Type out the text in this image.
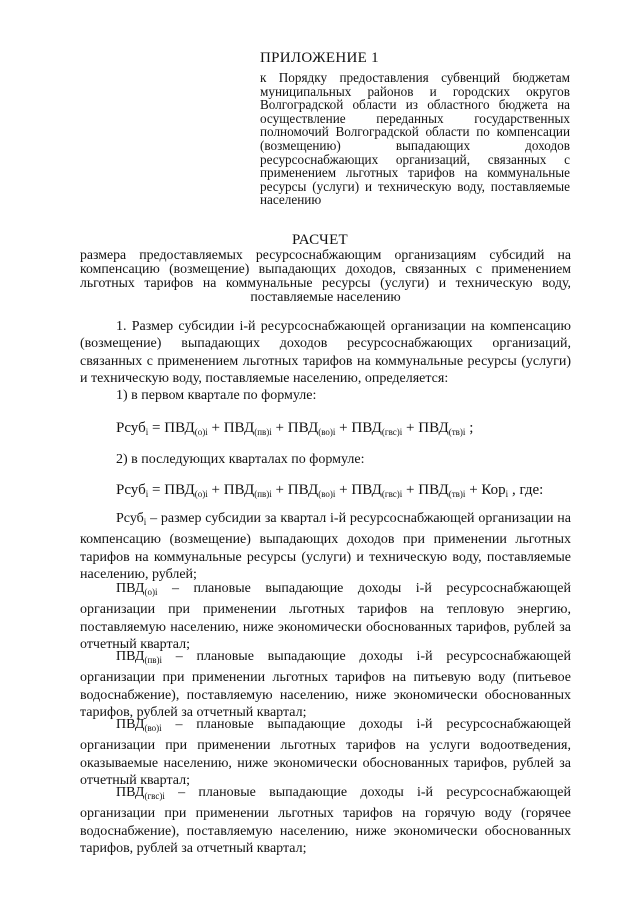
ПРИЛОЖЕНИЕ 1
к Порядку предоставления субвенций бюджетам муниципальных районов и городских округов Волгоградской области из областного бюджета на осуществление переданных государственных полномочий Волгоградской области по компенсации (возмещению) выпадающих доходов ресурсоснабжающих организаций, связанных с применением льготных тарифов на коммунальные ресурсы (услуги) и техническую воду, поставляемые населению
РАСЧЕТ
размера предоставляемых ресурсоснабжающим организациям субсидий на компенсацию (возмещение) выпадающих доходов, связанных с применением льготных тарифов на коммунальные ресурсы (услуги) и техническую воду, поставляемые населению
1. Размер субсидии i-й ресурсоснабжающей организации на компенсацию (возмещение) выпадающих доходов ресурсоснабжающих организаций, связанных с применением льготных тарифов на коммунальные ресурсы (услуги) и техническую воду, поставляемые населению, определяется:
1) в первом квартале по формуле:
Рсуб$_i$ = $ПВД_{(о)i} + ПВД_{(пв)i} + ПВД_{(во)i} + ПВД_{(гвс)i} + ПВД_{(тв)i}$ ;
2) в последующих кварталах по формуле:
Рсуб$_i$ = $ПВД_{(о)i} + ПВД_{(пв)i} + ПВД_{(во)i} + ПВД_{(гвс)i} + ПВД_{(тв)i} + Кор_i$ , где:
Рсуб$_i$ – размер субсидии за квартал i-й ресурсоснабжающей организации на компенсацию (возмещение) выпадающих доходов при применении льготных тарифов на коммунальные ресурсы (услуги) и техническую воду, поставляемые населению, рублей;
$ПВД_{(о)i}$ – плановые выпадающие доходы i-й ресурсоснабжающей организации при применении льготных тарифов на тепловую энергию, поставляемую населению, ниже экономически обоснованных тарифов, рублей за отчетный квартал;
$ПВД_{(пв)i}$ – плановые выпадающие доходы i-й ресурсоснабжающей организации при применении льготных тарифов на питьевую воду (питьевое водоснабжение), поставляемую населению, ниже экономически обоснованных тарифов, рублей за отчетный квартал;
$ПВД_{(во)i}$ – плановые выпадающие доходы i-й ресурсоснабжающей организации при применении льготных тарифов на услуги водоотведения, оказываемые населению, ниже экономически обоснованных тарифов, рублей за отчетный квартал;
$ПВД_{(гвс)i}$ – плановые выпадающие доходы i-й ресурсоснабжающей организации при применении льготных тарифов на горячую воду (горячее водоснабжение), поставляемую населению, ниже экономически обоснованных тарифов, рублей за отчетный квартал;
